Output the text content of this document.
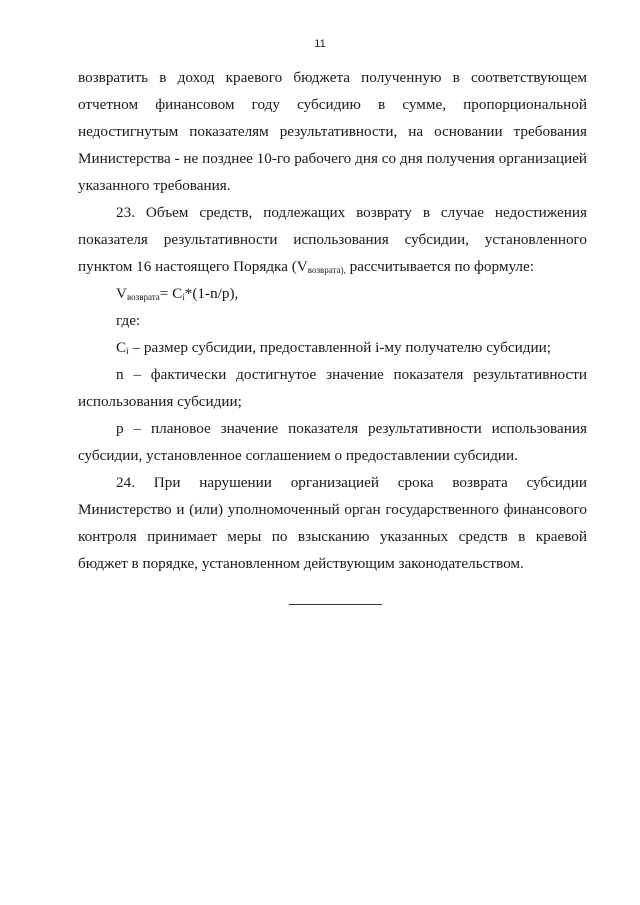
11

возвратить в доход краевого бюджета полученную в соответствующем отчетном финансовом году субсидию в сумме, пропорциональной недостигнутым показателям результативности, на основании требования Министерства - не позднее 10-го рабочего дня со дня получения организацией указанного требования.

23. Объем средств, подлежащих возврату в случае недостижения показателя результативности использования субсидии, установленного пунктом 16 настоящего Порядка ($V_{возврата),}$ рассчитывается по формуле:

$V_{возврата}= C_i*(1-n/p)$,

где:

$C_i$ – размер субсидии, предоставленной i-му получателю субсидии;

n – фактически достигнутое значение показателя результативности использования субсидии;

p – плановое значение показателя результативности использования субсидии, установленное соглашением о предоставлении субсидии.

24. При нарушении организацией срока возврата субсидии Министерство и (или) уполномоченный орган государственного финансового контроля принимает меры по взысканию указанных средств в краевой бюджет в порядке, установленном действующим законодательством.
